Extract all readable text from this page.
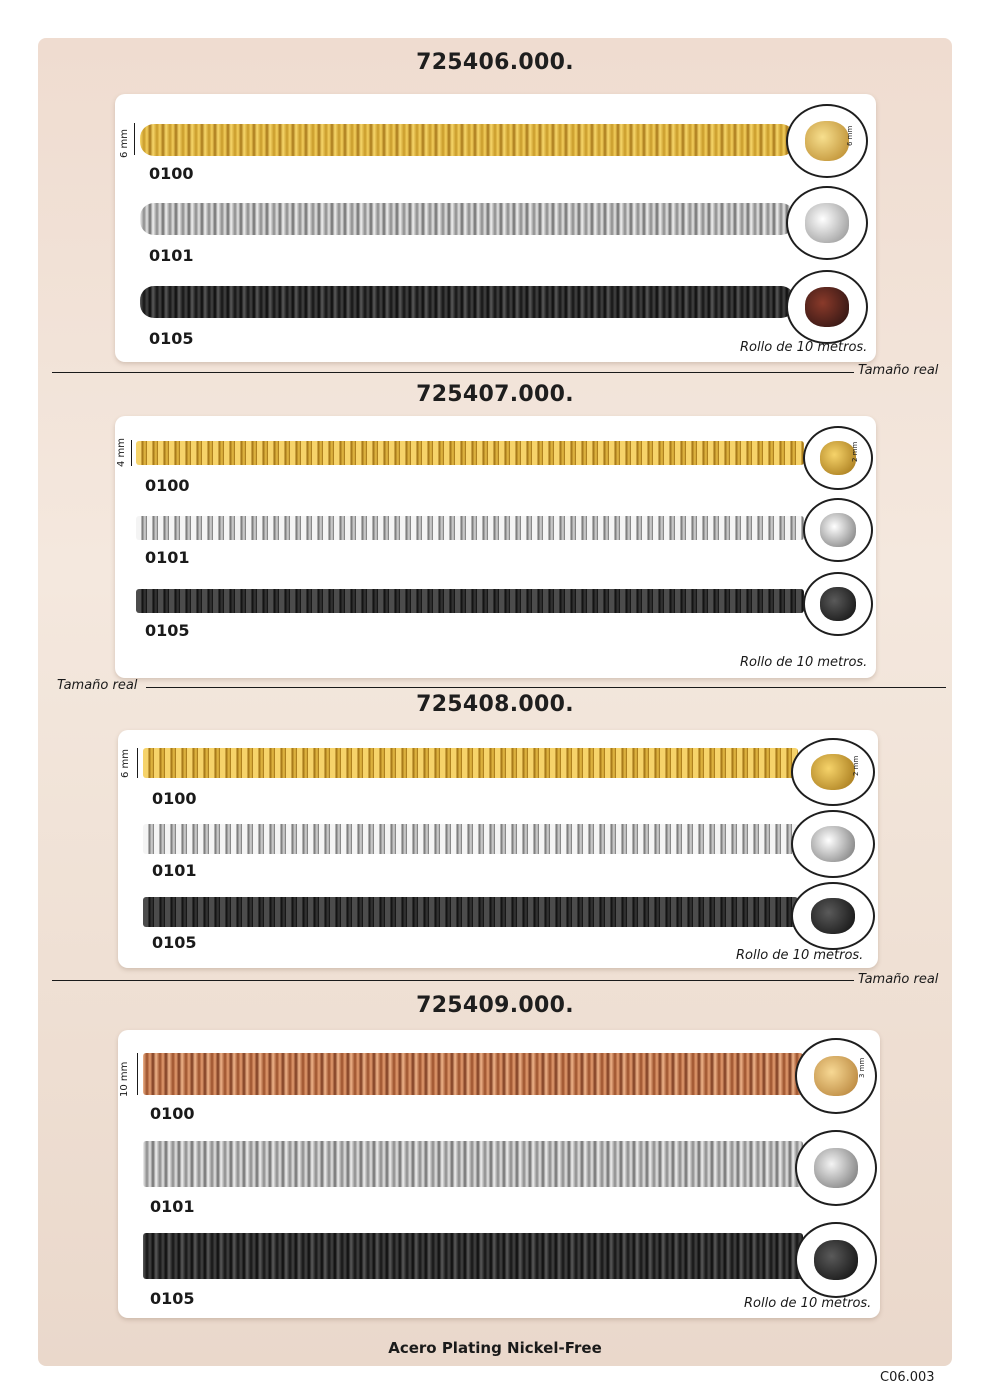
725406.000.
6 mm	6 mm
0100
0101
0105	Rollo de 10 metros.
Tamaño real
725407.000.
4 mm	2 mm
0100
0101
0105
Rollo de 10 metros.
Tamaño real
725408.000.
6 mm	2 mm
0100
0101
0105
Rollo de 10 metros.
Tamaño real
725409.000.
10 mm	3 mm
0100
0101
0105	Rollo de 10 metros.
Acero Plating Nickel-Free
C06.003
